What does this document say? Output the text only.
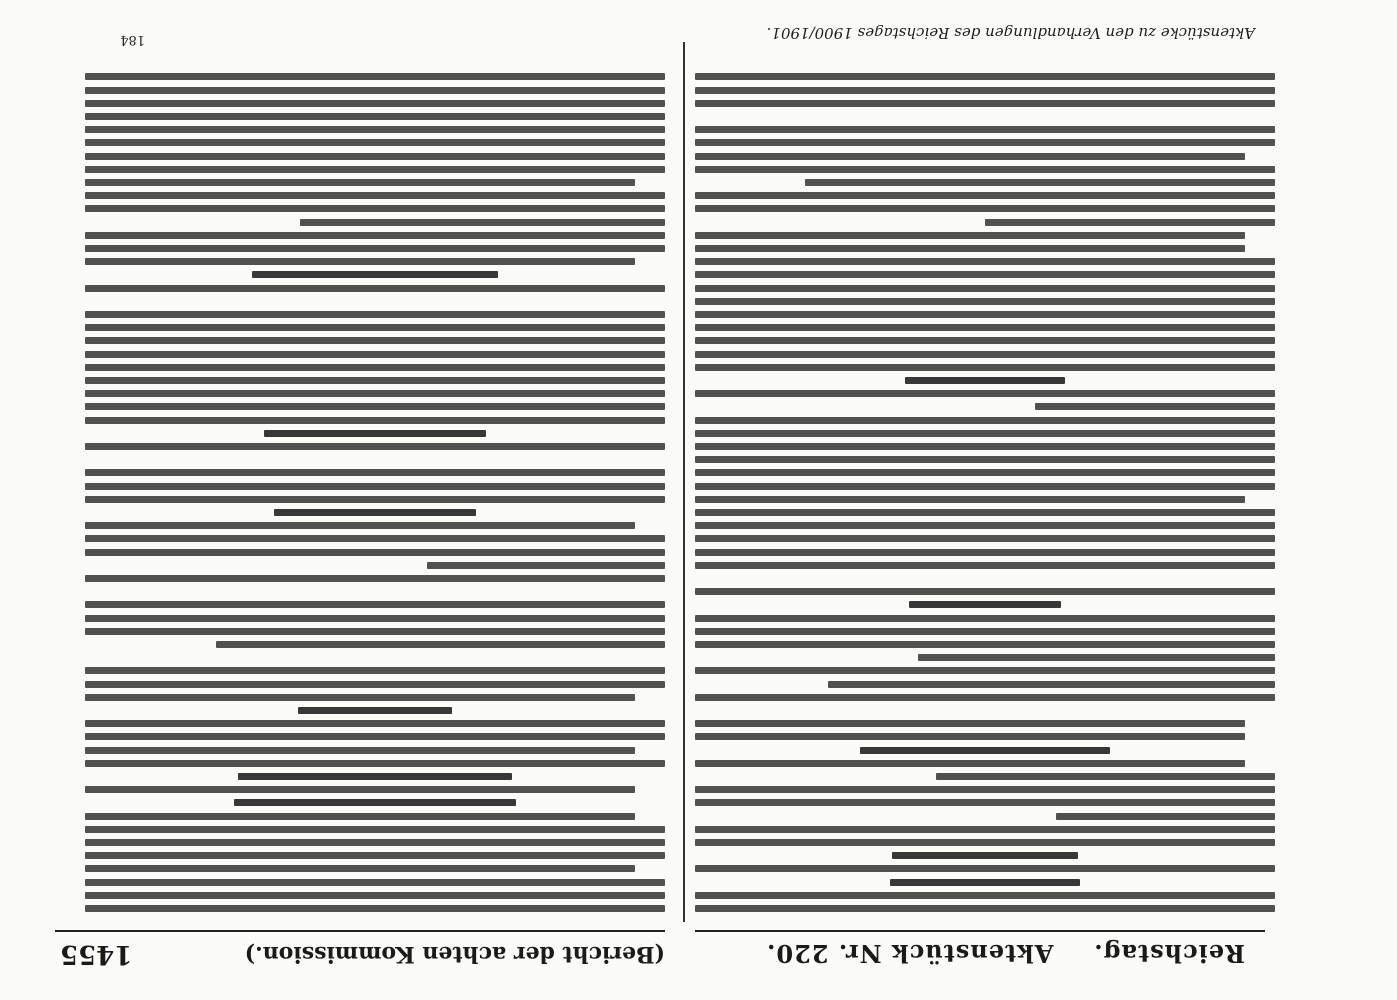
Reichstag.
Aktenstück Nr. 220.
(Bericht der achten Kommission.)
1455
Aktenstücke zu den Verhandlungen des Reichstages 1900/1901.
184
